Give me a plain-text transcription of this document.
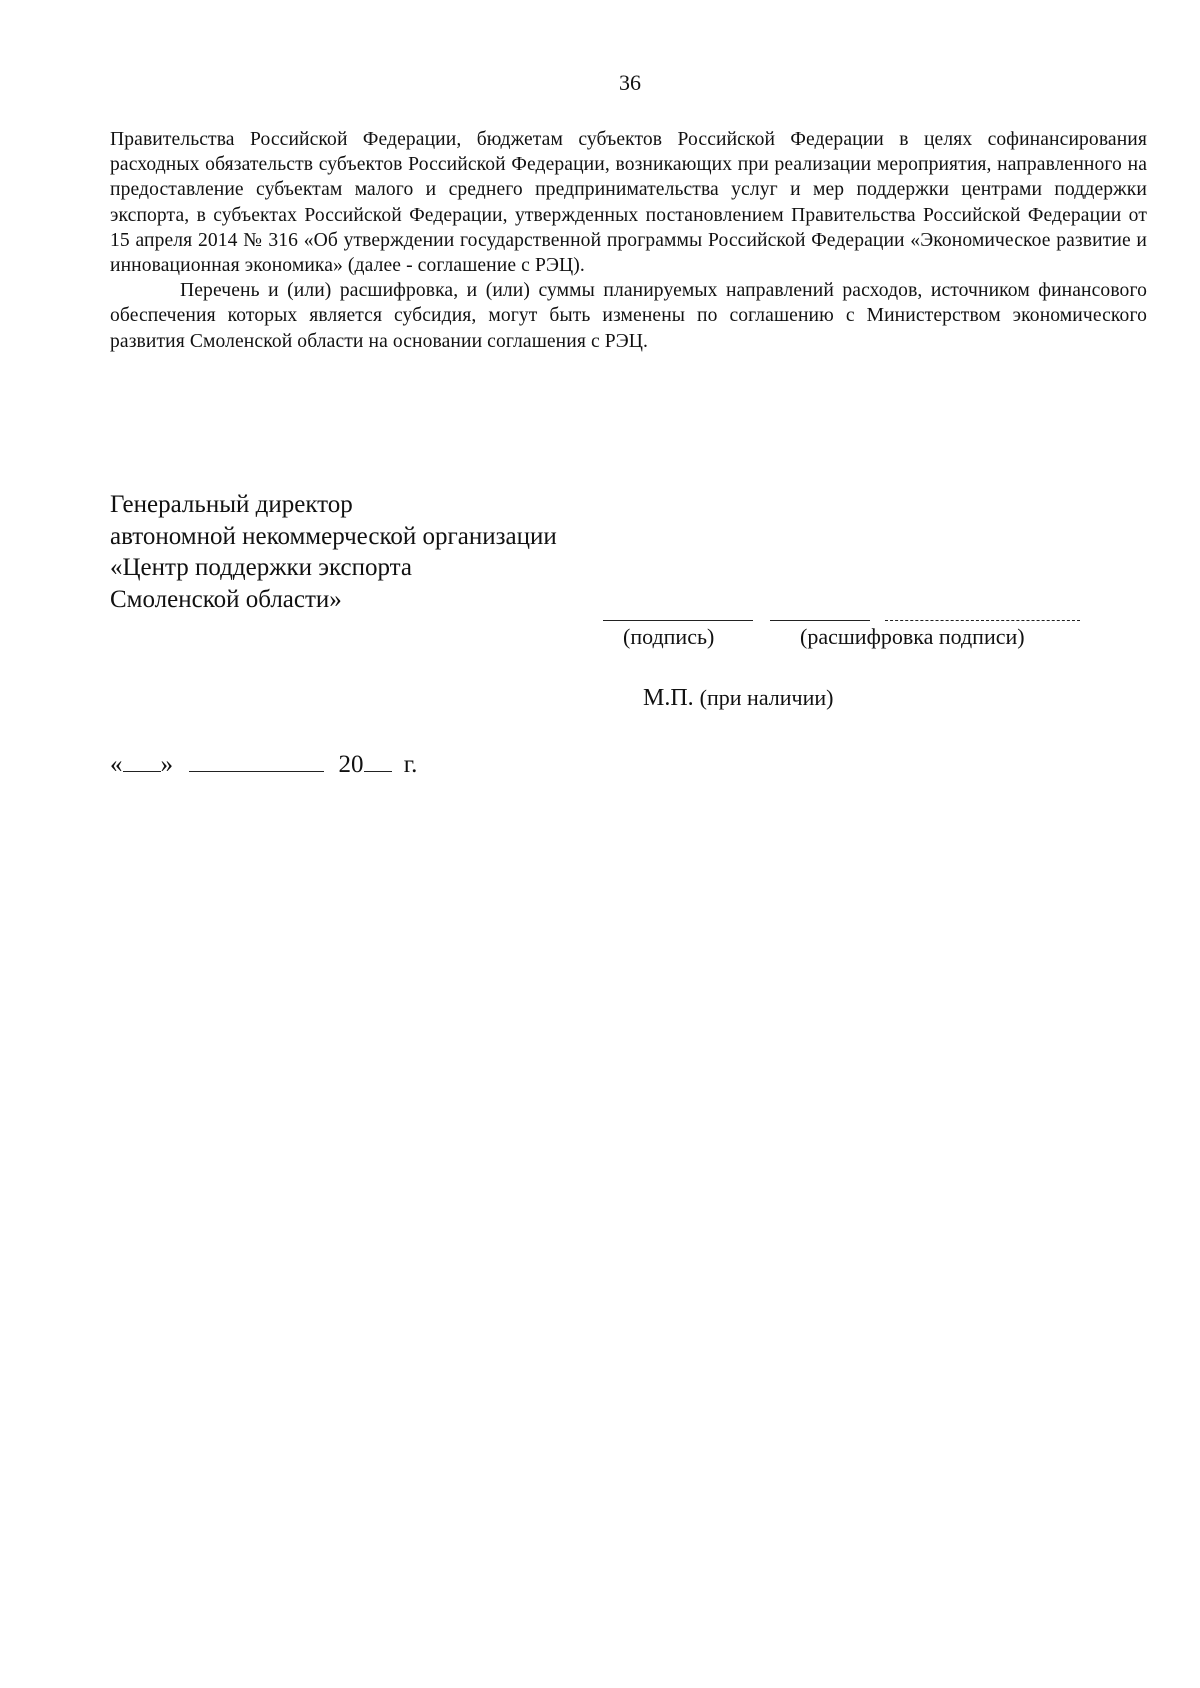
36

Правительства Российской Федерации, бюджетам субъектов Российской Федерации в целях софинансирования расходных обязательств субъектов Российской Федерации, возникающих при реализации мероприятия, направленного на предоставление субъектам малого и среднего предпринимательства услуг и мер поддержки центрами поддержки экспорта, в субъектах Российской Федерации, утвержденных постановлением Правительства Российской Федерации от 15 апреля 2014 № 316 «Об утверждении государственной программы Российской Федерации «Экономическое развитие и инновационная экономика» (далее - соглашение с РЭЦ).

Перечень и (или) расшифровка, и (или) суммы планируемых направлений расходов, источником финансового обеспечения которых является субсидия, могут быть изменены по соглашению с Министерством экономического развития Смоленской области на основании соглашения с РЭЦ.

Генеральный директор
автономной некоммерческой организации
«Центр поддержки экспорта
Смоленской области»
(подпись)	(расшифровка подписи)
М.П. (при наличии)
« »	20 г.
